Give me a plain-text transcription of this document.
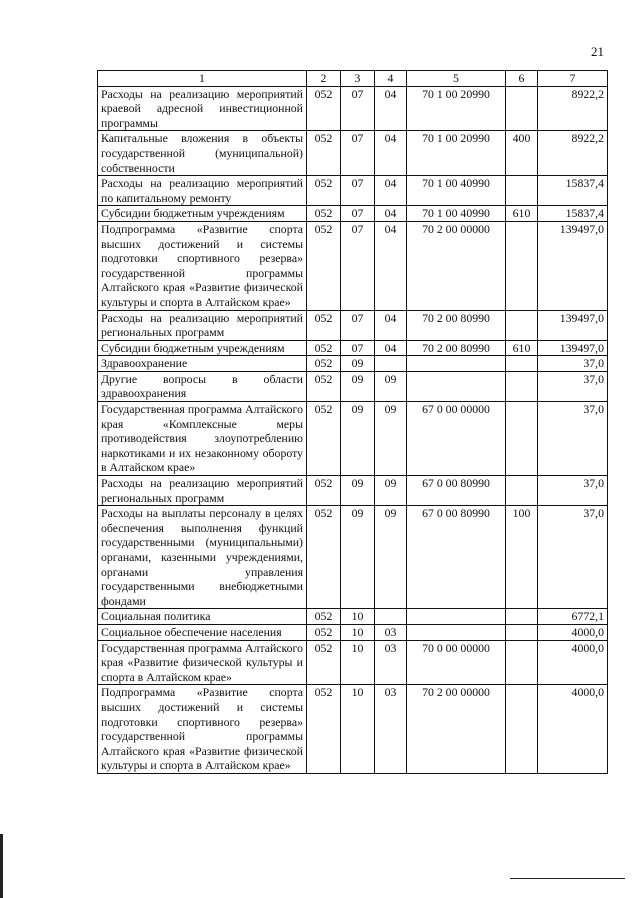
21
1	2	3	4	5	6	7
Расходы на реализацию мероприятий краевой адресной инвестиционной программы	052	07	04	70 1 00 20990		8922,2
Капитальные вложения в объекты государственной (муниципальной) собственности	052	07	04	70 1 00 20990	400	8922,2
Расходы на реализацию мероприятий по капитальному ремонту	052	07	04	70 1 00 40990		15837,4
Субсидии бюджетным учреждениям	052	07	04	70 1 00 40990	610	15837,4
Подпрограмма «Развитие спорта высших достижений и системы подготовки спортивного резерва» государственной программы Алтайского края «Развитие физической культуры и спорта в Алтайском крае»	052	07	04	70 2 00 00000		139497,0
Расходы на реализацию мероприятий региональных программ	052	07	04	70 2 00 80990		139497,0
Субсидии бюджетным учреждениям	052	07	04	70 2 00 80990	610	139497,0
Здравоохранение	052	09				37,0
Другие вопросы в области здравоохранения	052	09	09			37,0
Государственная программа Алтайского края «Комплексные меры противодействия злоупотреблению наркотиками и их незаконному обороту в Алтайском крае»	052	09	09	67 0 00 00000		37,0
Расходы на реализацию мероприятий региональных программ	052	09	09	67 0 00 80990		37,0
Расходы на выплаты персоналу в целях обеспечения выполнения функций государственными (муниципальными) органами, казенными учреждениями, органами управления государственными внебюджетными фондами	052	09	09	67 0 00 80990	100	37,0
Социальная политика	052	10				6772,1
Социальное обеспечение населения	052	10	03			4000,0
Государственная программа Алтайского края «Развитие физической культуры и спорта в Алтайском крае»	052	10	03	70 0 00 00000		4000,0
Подпрограмма «Развитие спорта высших достижений и системы подготовки спортивного резерва» государственной программы Алтайского края «Развитие физической культуры и спорта в Алтайском крае»	052	10	03	70 2 00 00000		4000,0
